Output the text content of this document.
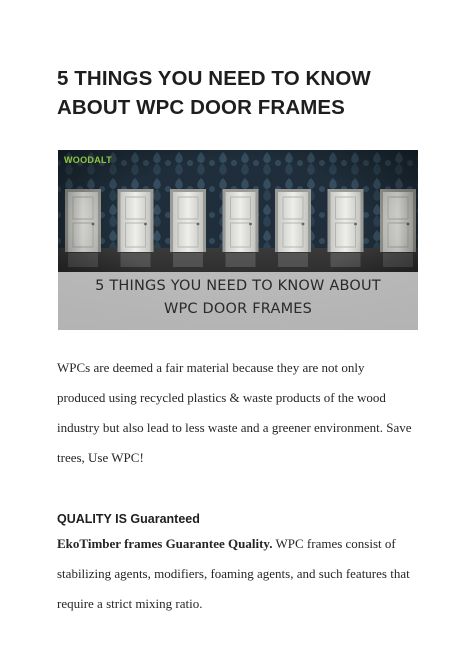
5 THINGS YOU NEED TO KNOW
ABOUT WPC DOOR FRAMES
WOODALT
5 THINGS YOU NEED TO KNOW ABOUT
WPC DOOR FRAMES
WPCs are deemed a fair material because they are not only
produced using recycled plastics & waste products of the wood
industry but also lead to less waste and a greener environment. Save
trees, Use WPC!
QUALITY IS Guaranteed
EkoTimber frames Guarantee Quality. WPC frames consist of
stabilizing agents, modifiers, foaming agents, and such features that
require a strict mixing ratio.
